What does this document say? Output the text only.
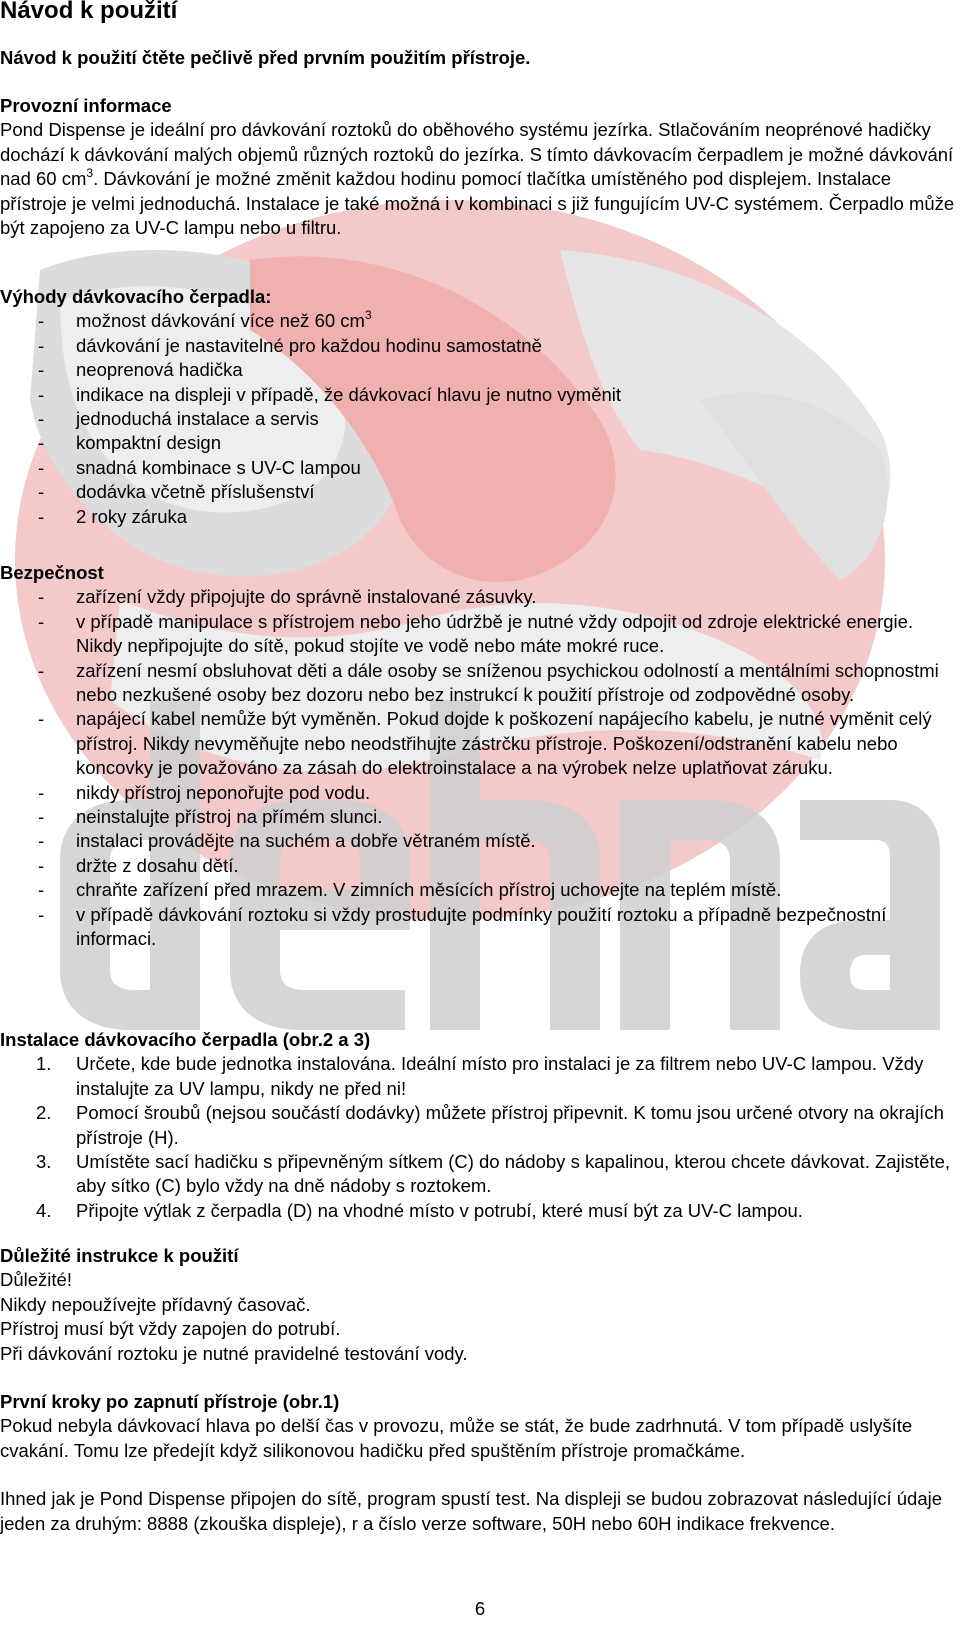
Návod k použití

Návod k použití čtěte pečlivě před prvním použitím přístroje.

Provozní informace

Pond Dispense je ideální pro dávkování roztoků do oběhového systému jezírka. Stlačováním neoprénové hadičky dochází k dávkování malých objemů různých roztoků do jezírka. S tímto dávkovacím čerpadlem je možné dávkování nad 60 $cm^3$. Dávkování je možné změnit každou hodinu pomocí tlačítka umístěného pod displejem. Instalace přístroje je velmi jednoduchá. Instalace je také možná i v kombinaci s již fungujícím UV-C systémem. Čerpadlo může být zapojeno za UV-C lampu nebo u filtru.

Výhody dávkovacího čerpadla:

- možnost dávkování více než 60 $cm^3$
- dávkování je nastavitelné pro každou hodinu samostatně
- neoprenová hadička
- indikace na displeji v případě, že dávkovací hlavu je nutno vyměnit
- jednoduchá instalace a servis
- kompaktní design
- snadná kombinace s UV-C lampou
- dodávka včetně příslušenství
- 2 roky záruka

Bezpečnost

- zařízení vždy připojujte do správně instalované zásuvky.
- v případě manipulace s přístrojem nebo jeho údržbě je nutné vždy odpojit od zdroje elektrické energie. Nikdy nepřipojujte do sítě, pokud stojíte ve vodě nebo máte mokré ruce.
- zařízení nesmí obsluhovat děti a dále osoby se sníženou psychickou odolností a mentálními schopnostmi nebo nezkušené osoby bez dozoru nebo bez instrukcí k použití přístroje od zodpovědné osoby.
- napájecí kabel nemůže být vyměněn. Pokud dojde k poškození napájecího kabelu, je nutné vyměnit celý přístroj. Nikdy nevyměňujte nebo neodstřihujte zástrčku přístroje. Poškození/odstranění kabelu nebo koncovky je považováno za zásah do elektroinstalace a na výrobek nelze uplatňovat záruku.
- nikdy přístroj neponořujte pod vodu.
- neinstalujte přístroj na přímém slunci.
- instalaci provádějte na suchém a dobře větraném místě.
- držte z dosahu dětí.
- chraňte zařízení před mrazem. V zimních měsících přístroj uchovejte na teplém místě.
- v případě dávkování roztoku si vždy prostudujte podmínky použití roztoku a případně bezpečnostní informaci.

Instalace dávkovacího čerpadla (obr.2 a 3)

1. Určete, kde bude jednotka instalována. Ideální místo pro instalaci je za filtrem nebo UV-C lampou. Vždy instalujte za UV lampu, nikdy ne před ni!
2. Pomocí šroubů (nejsou součástí dodávky) můžete přístroj připevnit. K tomu jsou určené otvory na okrajích přístroje (H).
3. Umístěte sací hadičku s připevněným sítkem (C) do nádoby s kapalinou, kterou chcete dávkovat. Zajistěte, aby sítko (C) bylo vždy na dně nádoby s roztokem.
4. Připojte výtlak z čerpadla (D) na vhodné místo v potrubí, které musí být za UV-C lampou.

Důležité instrukce k použití

Důležité!

Nikdy nepoužívejte přídavný časovač.

Přístroj musí být vždy zapojen do potrubí.

Při dávkování roztoku je nutné pravidelné testování vody.

První kroky po zapnutí přístroje (obr.1)

Pokud nebyla dávkovací hlava po delší čas v provozu, může se stát, že bude zadrhnutá. V tom případě uslyšíte cvakání. Tomu lze předejít když silikonovou hadičku před spuštěním přístroje promačkáme.

Ihned jak je Pond Dispense připojen do sítě, program spustí test. Na displeji se budou zobrazovat následující údaje jeden za druhým: 8888 (zkouška displeje), r a číslo verze software, 50H nebo 60H indikace frekvence.

6
